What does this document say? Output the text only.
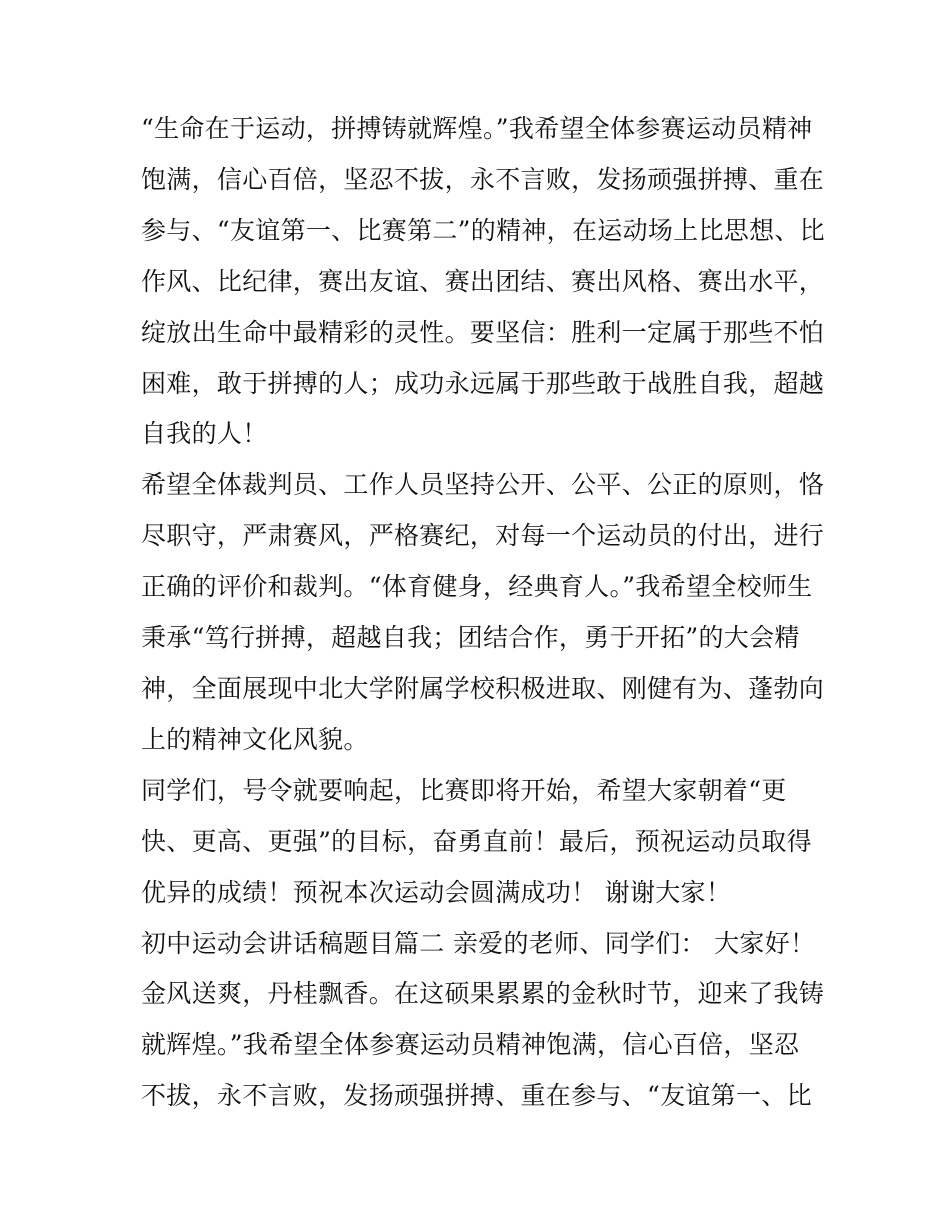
“生命在于运动，拼搏铸就辉煌。”我希望全体参赛运动员精神
饱满，信心百倍，坚忍不拔，永不言败，发扬顽强拼搏、重在
参与、“友谊第一、比赛第二”的精神，在运动场上比思想、比
作风、比纪律，赛出友谊、赛出团结、赛出风格、赛出水平，
绽放出生命中最精彩的灵性。要坚信：胜利一定属于那些不怕
困难，敢于拼搏的人；成功永远属于那些敢于战胜自我，超越
自我的人！
希望全体裁判员、工作人员坚持公开、公平、公正的原则，恪
尽职守，严肃赛风，严格赛纪，对每一个运动员的付出，进行
正确的评价和裁判。“体育健身，经典育人。”我希望全校师生
秉承“笃行拼搏，超越自我；团结合作，勇于开拓”的大会精
神，全面展现中北大学附属学校积极进取、刚健有为、蓬勃向
上的精神文化风貌。
同学们，号令就要响起，比赛即将开始，希望大家朝着“更
快、更高、更强”的目标，奋勇直前！最后，预祝运动员取得
优异的成绩！预祝本次运动会圆满成功！ 谢谢大家！
初中运动会讲话稿题目篇二 亲爱的老师、同学们： 大家好！
金风送爽，丹桂飘香。在这硕果累累的金秋时节，迎来了我铸
就辉煌。”我希望全体参赛运动员精神饱满，信心百倍，坚忍
不拔，永不言败，发扬顽强拼搏、重在参与、“友谊第一、比
